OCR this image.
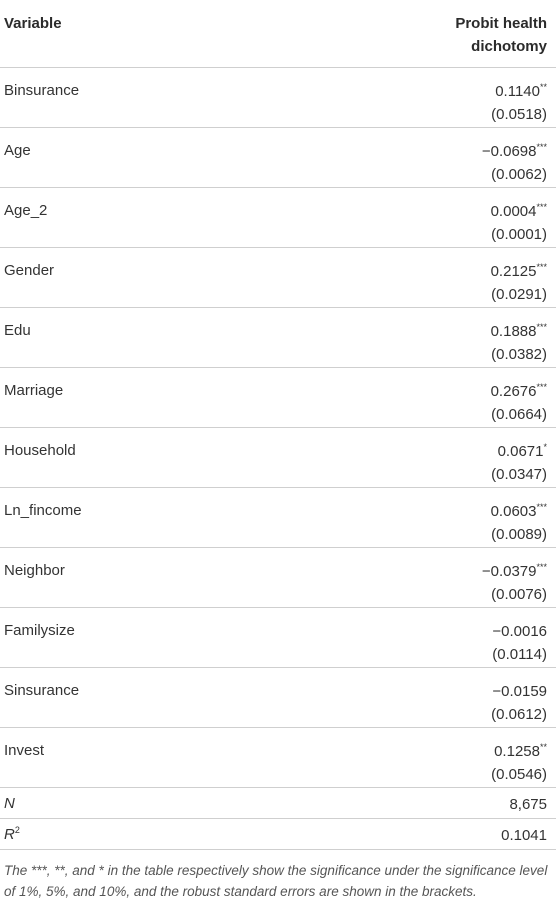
Variable	Probit health
dichotomy
Binsurance	0.1140**
(0.0518)

Age	−0.0698***
(0.0062)

Age_2	0.0004***
(0.0001)

Gender	0.2125***
(0.0291)

Edu	0.1888***
(0.0382)

Marriage	0.2676***
(0.0664)

Household	0.0671*
(0.0347)

Ln_fincome	0.0603***
(0.0089)

Neighbor	−0.0379***
(0.0076)

Familysize	−0.0016
(0.0114)

Sinsurance	−0.0159
(0.0612)

Invest	0.1258**
(0.0546)

N	8,675
$R^2$	0.1041
The ***, **, and * in the table respectively show the significance under the significance level of 1%, 5%, and 10%, and the robust standard errors are shown in the brackets.
